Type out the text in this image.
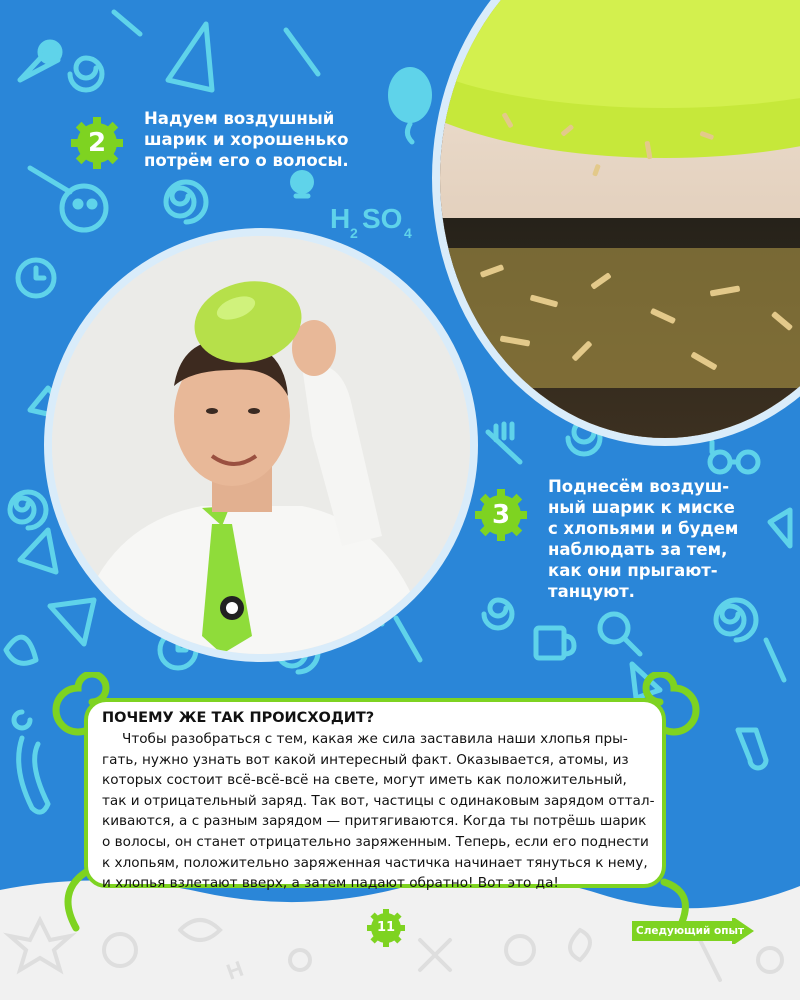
H 2 SO 4
2
Надуем воздушный
шарик и хорошенько
потрём его о волосы.
3
Поднесём воздуш-
ный шарик к миске
с хлопьями и будем
наблюдать за тем,
как они прыгают-
танцуют.
H
ПОЧЕМУ ЖЕ ТАК ПРОИСХОДИТ?
Чтобы разобраться с тем, какая же сила заставила наши хлопья пры-
гать, нужно узнать вот какой интересный факт. Оказывается, атомы, из
которых состоит всё-всё-всё на свете, могут иметь как положительный,
так и отрицательный заряд. Так вот, частицы с одинаковым зарядом оттал-
киваются, а с разным зарядом — притягиваются. Когда ты потрёшь шарик
о волосы, он станет отрицательно заряженным. Теперь, если его поднести
к хлопьям, положительно заряженная частичка начинает тянуться к нему,
и хлопья взлетают вверх, а затем падают обратно! Вот это да!
11	Следующий опыт
